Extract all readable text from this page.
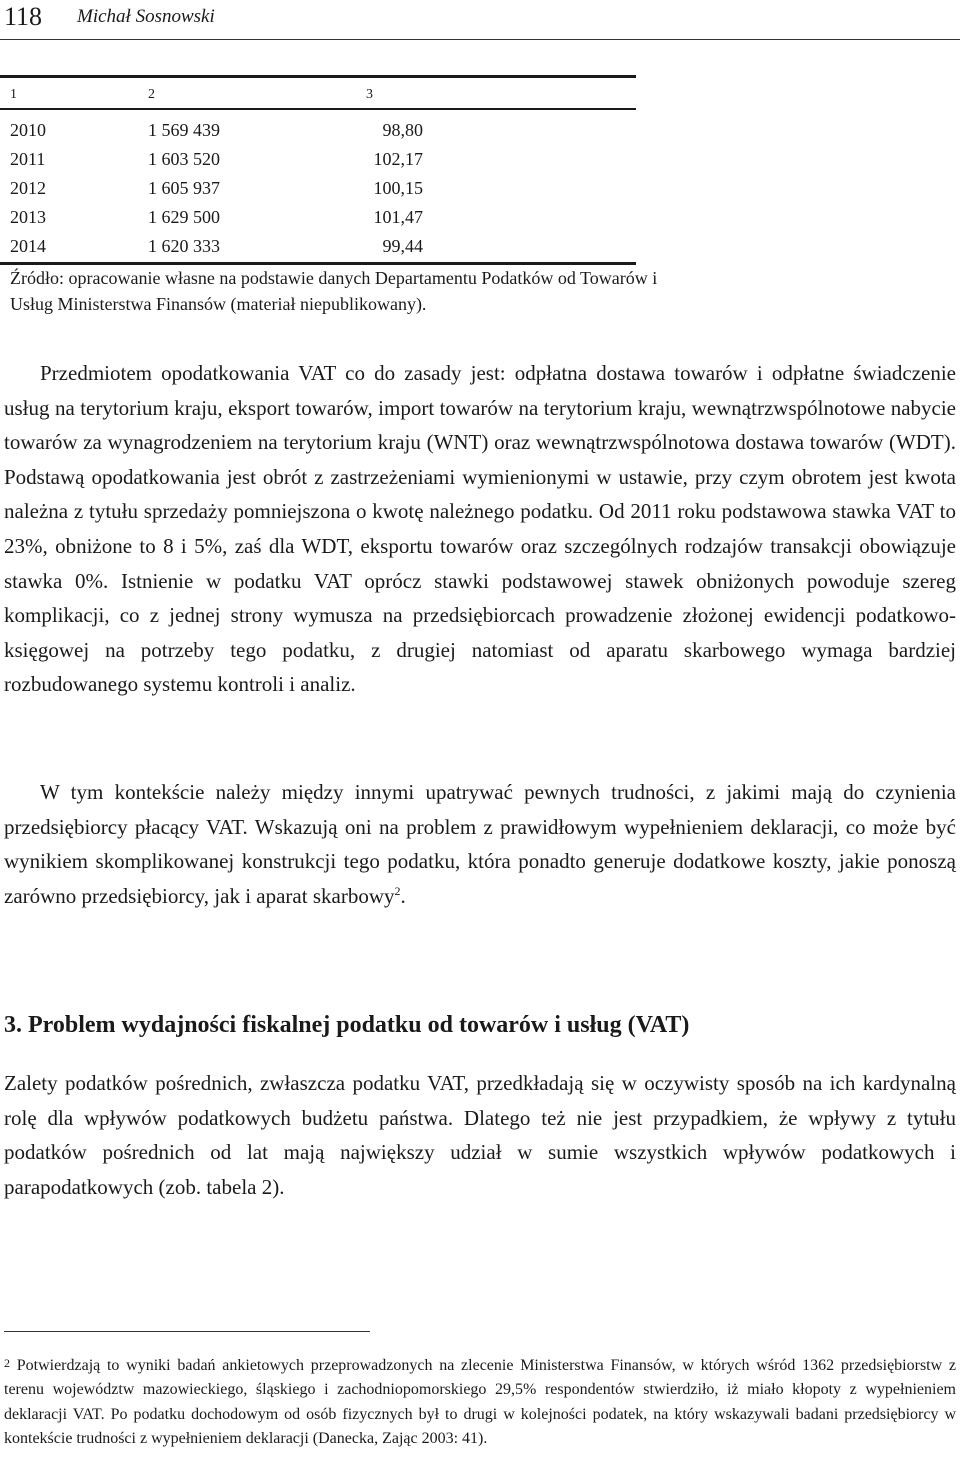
118 Michał Sosnowski
1	2	3
2010	1 569 439	98,80
2011	1 603 520	102,17
2012	1 605 937	100,15
2013	1 629 500	101,47
2014	1 620 333	99,44
Źródło: opracowanie własne na podstawie danych Departamentu Podatków od Towarów i Usług Ministerstwa Finansów (materiał niepublikowany).

Przedmiotem opodatkowania VAT co do zasady jest: odpłatna dostawa towarów i odpłatne świadczenie usług na terytorium kraju, eksport towarów, import towarów na terytorium kraju, wewnątrzwspólnotowe nabycie towarów za wynagrodzeniem na terytorium kraju (WNT) oraz wewnątrzwspólnotowa dostawa towarów (WDT). Podstawą opodatkowania jest obrót z zastrzeżeniami wymienionymi w ustawie, przy czym obrotem jest kwota należna z tytułu sprzedaży pomniejszona o kwotę należnego podatku. Od 2011 roku podstawowa stawka VAT to 23%, obniżone to 8 i 5%, zaś dla WDT, eksportu towarów oraz szczególnych rodzajów transakcji obowiązuje stawka 0%. Istnienie w podatku VAT oprócz stawki podstawowej stawek obniżonych powoduje szereg komplikacji, co z jednej strony wymusza na przedsiębiorcach prowadzenie złożonej ewidencji podatkowo-księgowej na potrzeby tego podatku, z drugiej natomiast od aparatu skarbowego wymaga bardziej rozbudowanego systemu kontroli i analiz.

W tym kontekście należy między innymi upatrywać pewnych trudności, z jakimi mają do czynienia przedsiębiorcy płacący VAT. Wskazują oni na problem z prawidłowym wypełnieniem deklaracji, co może być wynikiem skomplikowanej konstrukcji tego podatku, która ponadto generuje dodatkowe koszty, jakie ponoszą zarówno przedsiębiorcy, jak i aparat skarbowy$^2$.

3. Problem wydajności fiskalnej podatku od towarów i usług (VAT)

Zalety podatków pośrednich, zwłaszcza podatku VAT, przedkładają się w oczywisty sposób na ich kardynalną rolę dla wpływów podatkowych budżetu państwa. Dlatego też nie jest przypadkiem, że wpływy z tytułu podatków pośrednich od lat mają największy udział w sumie wszystkich wpływów podatkowych i parapodatkowych (zob. tabela 2).

2 Potwierdzają to wyniki badań ankietowych przeprowadzonych na zlecenie Ministerstwa Finansów, w których wśród 1362 przedsiębiorstw z terenu województw mazowieckiego, śląskiego i zachodniopomorskiego 29,5% respondentów stwierdziło, iż miało kłopoty z wypełnieniem deklaracji VAT. Po podatku dochodowym od osób fizycznych był to drugi w kolejności podatek, na który wskazywali badani przedsiębiorcy w kontekście trudności z wypełnieniem deklaracji (Danecka, Zając 2003: 41).
